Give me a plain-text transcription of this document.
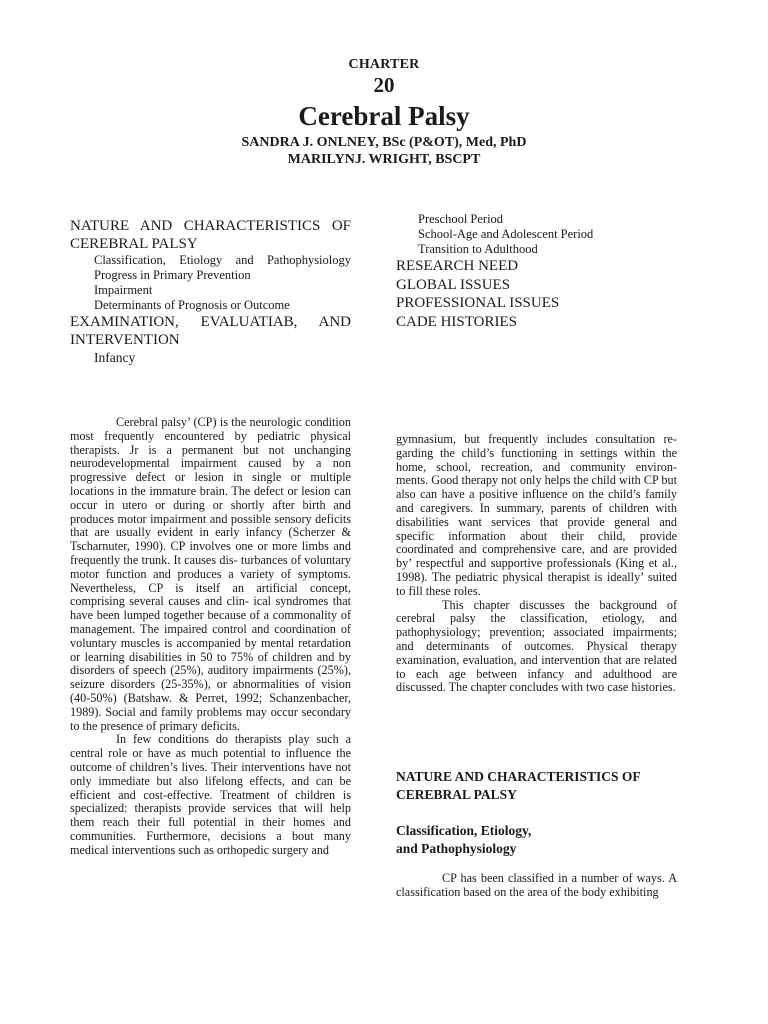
CHARTER
20
Cerebral Palsy
SANDRA J. ONLNEY, BSc (P&OT), Med, PhD
MARILYNJ. WRIGHT, BSCPT
NATURE AND CHARACTERISTICS OF
CEREBRAL PALSY
Classification, Etiology and Pathophysiology
Progress in Primary Prevention
Impairment
Determinants of Prognosis or Outcome
EXAMINATION, EVALUATIAB, AND
INTERVENTION
Infancy
Preschool Period
School-Age and Adolescent Period
Transition to Adulthood
RESEARCH NEED
GLOBAL ISSUES
PROFESSIONAL ISSUES
CADE HISTORIES

Cerebral palsy’ (CP) is the neurologic condition most frequently encountered by pediatric physical therapists. Jr is a permanent but not unchanging neurodevelopmental impairment caused by a non progressive defect or lesion in single or multiple locations in the immature brain. The defect or lesion can occur in utero or during or shortly after birth and produces motor impairment and possible sensory deficits that are usually evident in early infancy (Scherzer & Tscharnuter, 1990). CP involves one or more limbs and frequently the trunk. It causes dis- turbances of voluntary motor function and produces a variety of symptoms. Nevertheless, CP is itself an artificial concept, comprising several causes and clin- ical syndromes that have been lumped together because of a commonality of management. The impaired control and coordination of voluntary muscles is accompanied by mental retardation or learning disabilities in 50 to 75% of children and by disorders of speech (25%), auditory impairments (25%), seizure disorders (25-35%), or abnormalities of vision (40-50%) (Batshaw. & Perret, 1992; Schanzenbacher, 1989). Social and family problems may occur secondary to the presence of primary deficits.

In few conditions do therapists play such a central role or have as much potential to influence the outcome of children’s lives. Their interventions have not only immediate but also lifelong effects, and can be efficient and cost-effective. Treatment of children is specialized: therapists provide services that will help them reach their full potential in their homes and communities. Furthermore, decisions a bout many medical interventions such as orthopedic surgery and

gymnasium, but frequently includes consultation re- garding the child’s functioning in settings within the home, school, recreation, and community environ- ments. Good therapy not only helps the child with CP but also can have a positive influence on the child’s family and caregivers. In summary, parents of children with disabilities want services that provide general and specific information about their child, provide coordinated and comprehensive care, and are provided by’ respectful and supportive professionals (King et al., 1998). The pediatric physical therapist is ideally’ suited to fill these roles.

This chapter discusses the background of cerebral palsy the classification, etiology, and pathophysiology; prevention; associated impairments; and determinants of outcomes. Physical therapy examination, evaluation, and intervention that are related to each age between infancy and adulthood are discussed. The chapter concludes with two case histories.

NATURE AND CHARACTERISTICS OF
CEREBRAL PALSY
Classification, Etiology,
and Pathophysiology

CP has been classified in a number of ways. A classification based on the area of the body exhibiting
